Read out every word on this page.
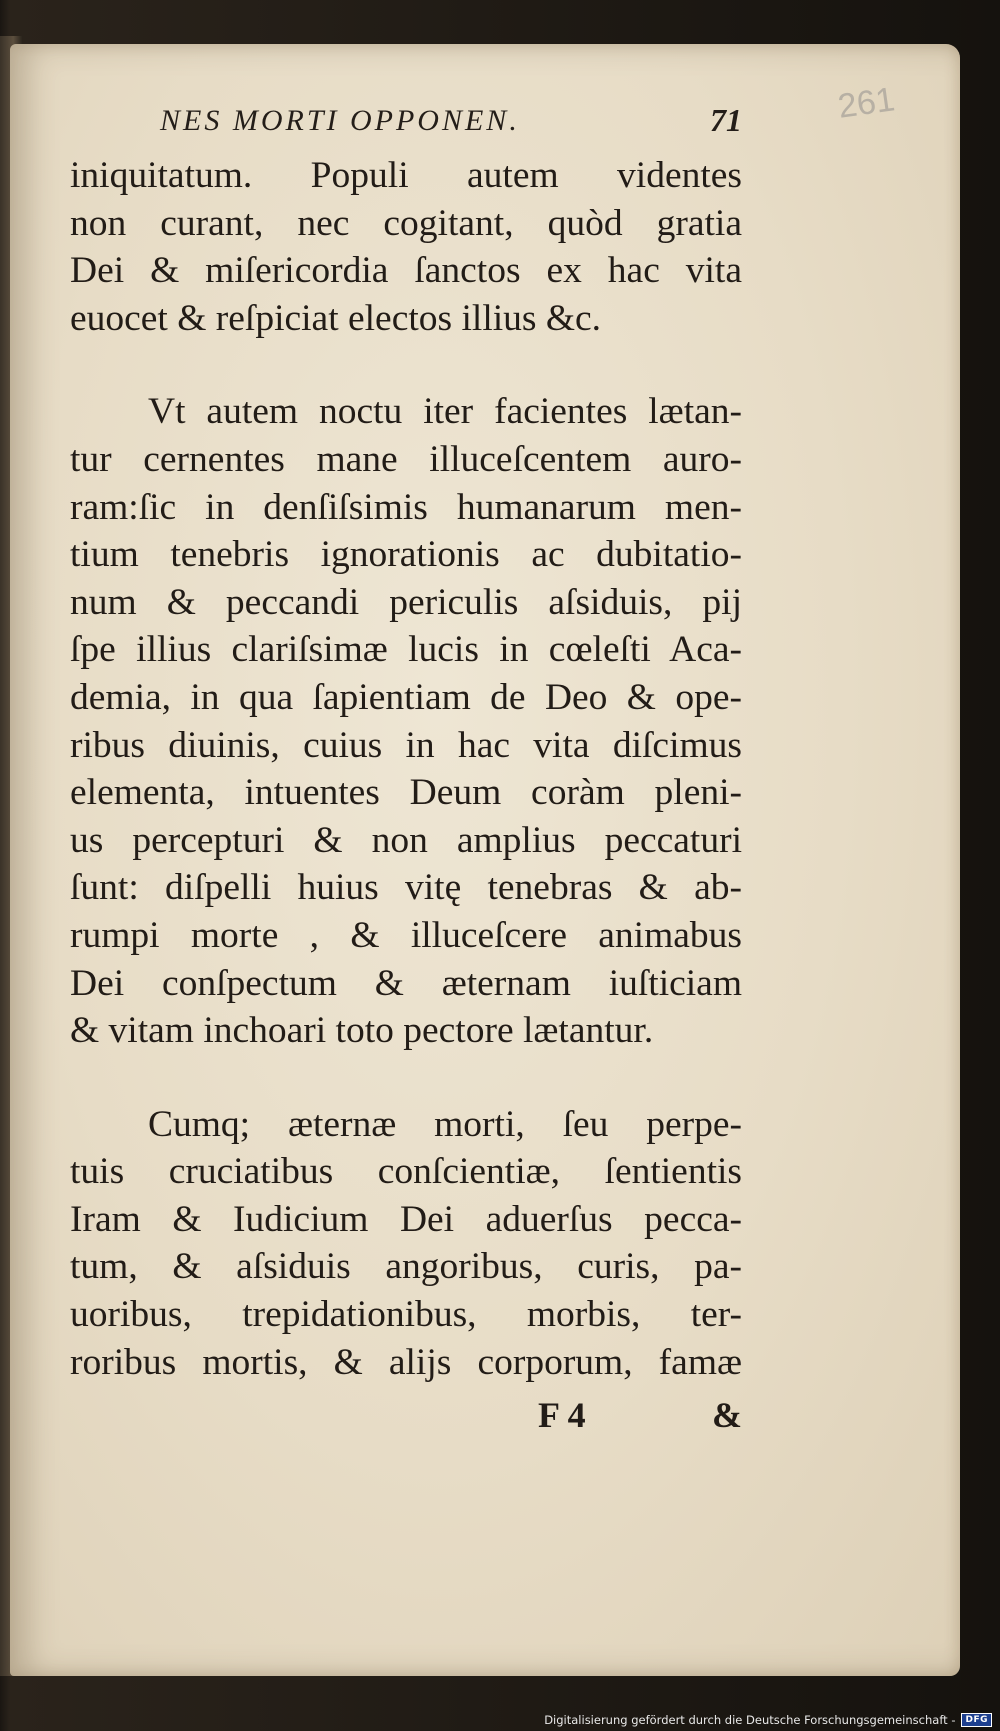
261
NES MORTI OPPONEN.	71
iniquitatum. Populi autem videntes
non curant, nec cogitant, quòd gratia
Dei & miſericordia ſanctos ex hac vita
euocet & reſpiciat electos illius &c.
Vt autem noctu iter facientes lætan-
tur cernentes mane illuceſcentem auro-
ram:ſic in denſiſsimis humanarum men-
tium tenebris ignorationis ac dubitatio-
num & peccandi periculis aſsiduis, pij
ſpe illius clariſsimæ lucis in cœleſti Aca-
demia, in qua ſapientiam de Deo & ope-
ribus diuinis, cuius in hac vita diſcimus
elementa, intuentes Deum coràm pleni-
us percepturi & non amplius peccaturi
ſunt: diſpelli huius vitę tenebras & ab-
rumpi morte , & illuceſcere animabus
Dei conſpectum & æternam iuſticiam
& vitam inchoari toto pectore lætantur.
Cumq; æternæ morti, ſeu perpe-
tuis cruciatibus conſcientiæ, ſentientis
Iram & Iudicium Dei aduerſus pecca-
tum, & aſsiduis angoribus, curis, pa-
uoribus, trepidationibus, morbis, ter-
roribus mortis, & alijs corporum, famæ
F 4	&
Digitalisierung gefördert durch die Deutsche Forschungsgemeinschaft -	DFG
